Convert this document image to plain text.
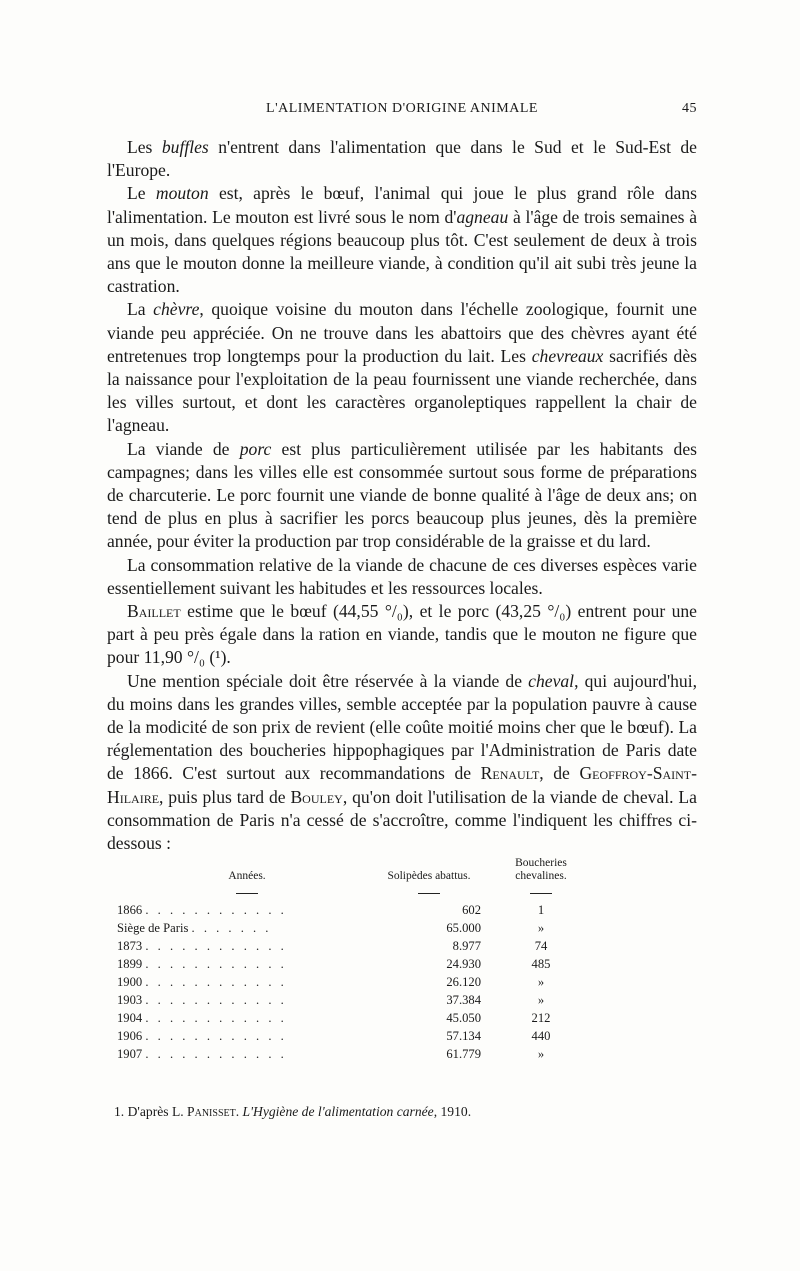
L'ALIMENTATION D'ORIGINE ANIMALE	45

Les buffles n'entrent dans l'alimentation que dans le Sud et le Sud-Est de l'Europe.

Le mouton est, après le bœuf, l'animal qui joue le plus grand rôle dans l'alimentation. Le mouton est livré sous le nom d'agneau à l'âge de trois semaines à un mois, dans quelques régions beaucoup plus tôt. C'est seulement de deux à trois ans que le mouton donne la meilleure viande, à condition qu'il ait subi très jeune la castration.

La chèvre, quoique voisine du mouton dans l'échelle zoologique, fournit une viande peu appréciée. On ne trouve dans les abattoirs que des chèvres ayant été entretenues trop longtemps pour la production du lait. Les chevreaux sacrifiés dès la naissance pour l'exploitation de la peau fournissent une viande recherchée, dans les villes surtout, et dont les caractères organoleptiques rappellent la chair de l'agneau.

La viande de porc est plus particulièrement utilisée par les habitants des campagnes; dans les villes elle est consommée surtout sous forme de préparations de charcuterie. Le porc fournit une viande de bonne qualité à l'âge de deux ans; on tend de plus en plus à sacrifier les porcs beaucoup plus jeunes, dès la première année, pour éviter la production par trop considérable de la graisse et du lard.

La consommation relative de la viande de chacune de ces diverses espèces varie essentiellement suivant les habitudes et les ressources locales.

Baillet estime que le bœuf (44,55 °/₀), et le porc (43,25 °/₀) entrent pour une part à peu près égale dans la ration en viande, tandis que le mouton ne figure que pour 11,90 °/₀ (¹).

Une mention spéciale doit être réservée à la viande de cheval, qui aujourd'hui, du moins dans les grandes villes, semble acceptée par la population pauvre à cause de la modicité de son prix de revient (elle coûte moitié moins cher que le bœuf). La réglementation des boucheries hippophagiques par l'Administration de Paris date de 1866. C'est surtout aux recommandations de Renault, de Geoffroy-Saint-Hilaire, puis plus tard de Bouley, qu'on doit l'utilisation de la viande de cheval. La consommation de Paris n'a cessé de s'accroître, comme l'indiquent les chiffres ci-dessous :

Années.	Solipèdes abattus.	Boucheries chevalines.

1866 . . . . . . . . . . . .	602	1
Siège de Paris . . . . . . .	65.000	»
1873 . . . . . . . . . . . .	8.977	74
1899 . . . . . . . . . . . .	24.930	485
1900 . . . . . . . . . . . .	26.120	»
1903 . . . . . . . . . . . .	37.384	»
1904 . . . . . . . . . . . .	45.050	212
1906 . . . . . . . . . . . .	57.134	440
1907 . . . . . . . . . . . .	61.779	»
1. D'après L. Panisset. L'Hygiène de l'alimentation carnée, 1910.
